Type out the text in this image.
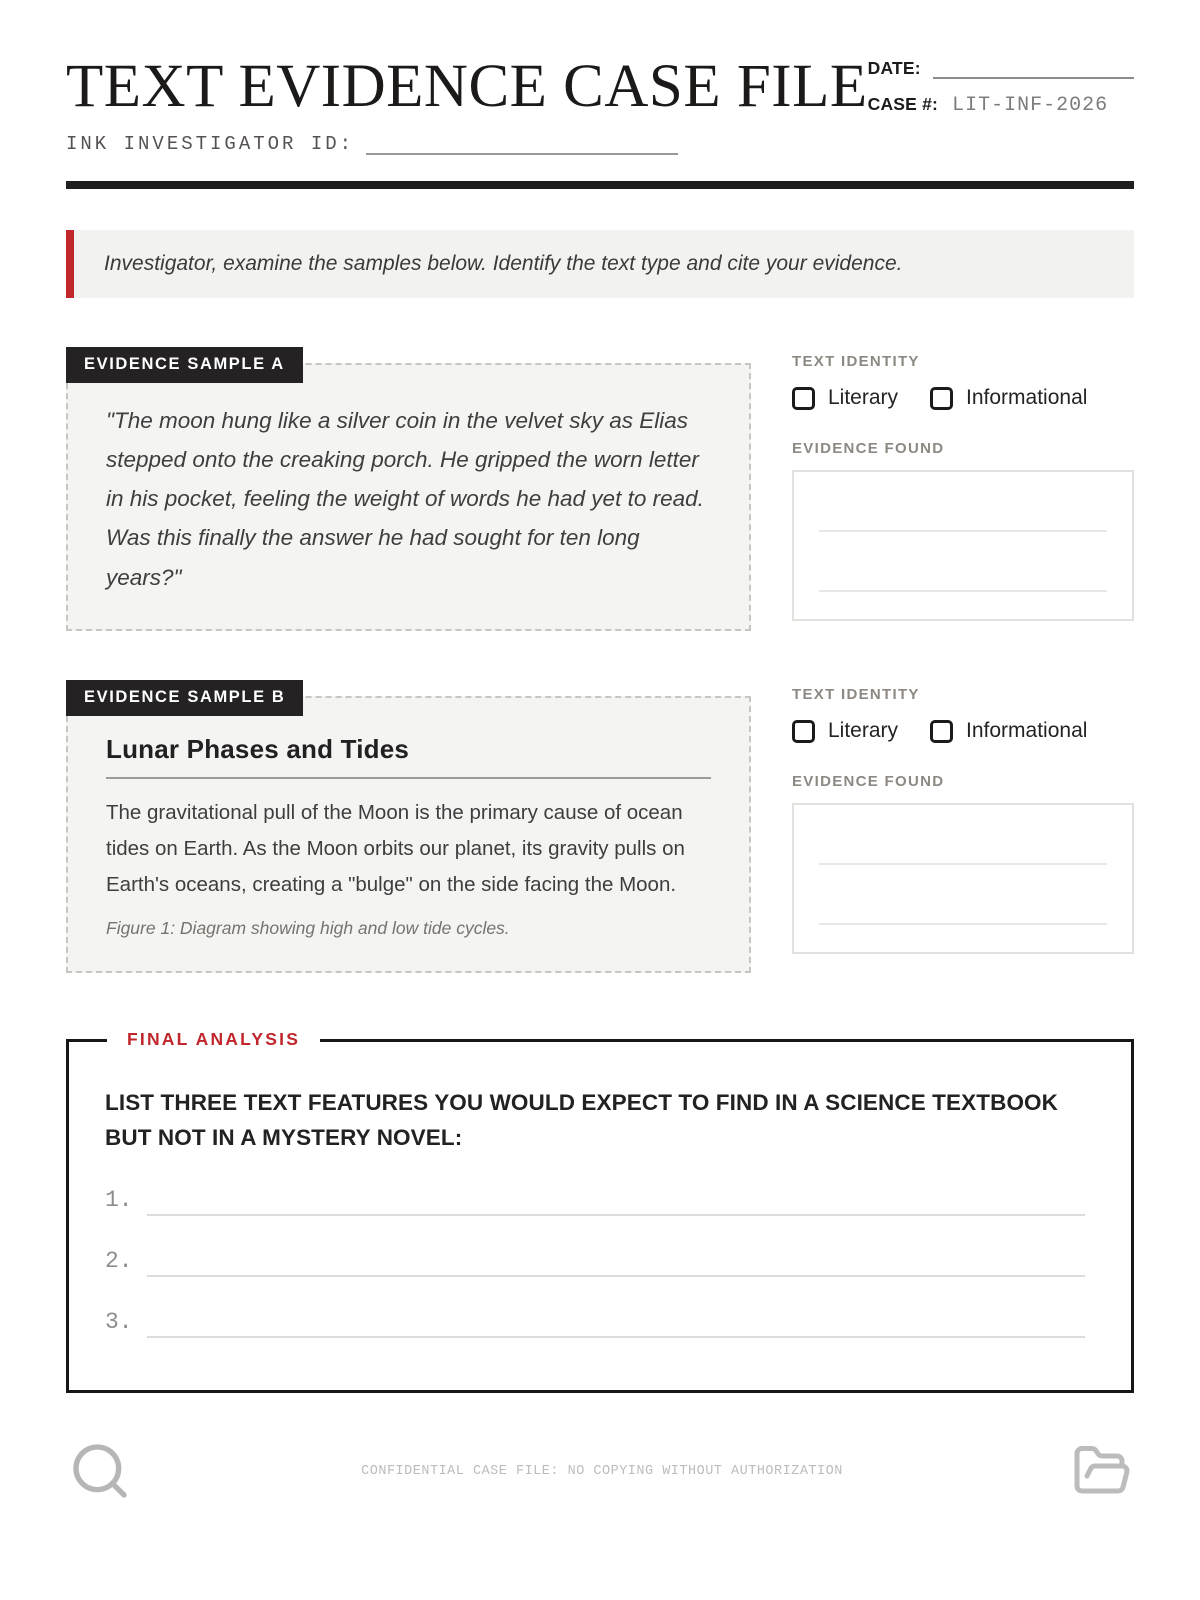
TEXT EVIDENCE CASE FILE
INK INVESTIGATOR ID:
DATE:
CASE #: LIT-INF-2026
Investigator, examine the samples below. Identify the text type and cite your evidence.
EVIDENCE SAMPLE A

"The moon hung like a silver coin in the velvet sky as Elias stepped onto the creaking porch. He gripped the worn letter in his pocket, feeling the weight of words he had yet to read. Was this finally the answer he had sought for ten long years?"

TEXT IDENTITY
Literary	Informational
EVIDENCE FOUND
EVIDENCE SAMPLE B
Lunar Phases and Tides

The gravitational pull of the Moon is the primary cause of ocean tides on Earth. As the Moon orbits our planet, its gravity pulls on Earth's oceans, creating a "bulge" on the side facing the Moon.

Figure 1: Diagram showing high and low tide cycles.

TEXT IDENTITY
Literary	Informational
EVIDENCE FOUND
FINAL ANALYSIS

LIST THREE TEXT FEATURES YOU WOULD EXPECT TO FIND IN A SCIENCE TEXTBOOK BUT NOT IN A MYSTERY NOVEL:

1.
2.
3.
CONFIDENTIAL CASE FILE: NO COPYING WITHOUT AUTHORIZATION
